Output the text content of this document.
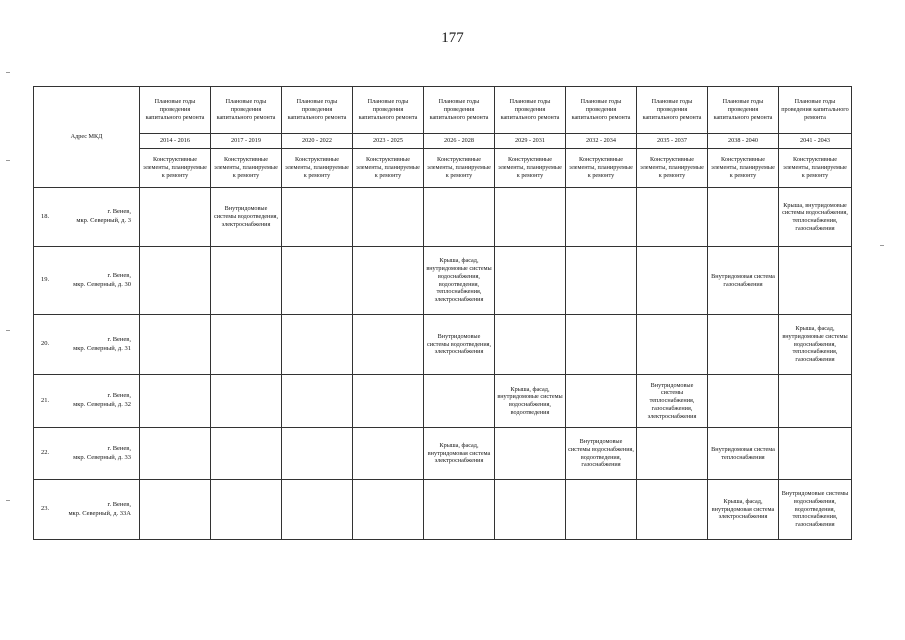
177
Адрес МКД	Плановые годы проведения капитального ремонта	Плановые годы проведения капитального ремонта	Плановые годы проведения капитального ремонта	Плановые годы проведения капитального ремонта	Плановые годы проведения капитального ремонта	Плановые годы проведения капитального ремонта	Плановые годы проведения капитального ремонта	Плановые годы проведения капитального ремонта	Плановые годы проведения капитального ремонта	Плановые годы проведения капитального ремонта
	2014 - 2016	2017 - 2019	2020 - 2022	2023 - 2025	2026 - 2028	2029 - 2031	2032 - 2034	2035 - 2037	2038 - 2040	2041 - 2043
	Конструктивные элементы, планируемые к ремонту	Конструктивные элементы, планируемые к ремонту	Конструктивные элементы, планируемые к ремонту	Конструктивные элементы, планируемые к ремонту	Конструктивные элементы, планируемые к ремонту	Конструктивные элементы, планируемые к ремонту	Конструктивные элементы, планируемые к ремонту	Конструктивные элементы, планируемые к ремонту	Конструктивные элементы, планируемые к ремонту	Конструктивные элементы, планируемые к ремонту

18.
г. Венев,
мкр. Северный, д. 3		Внутридомовые системы водоотведения, электроснабжения								Крыша, внутридомовые системы водоснабжения, теплоснабжения, газоснабжения

19.
г. Венев,
мкр. Северный, д. 30					Крыша, фасад, внутридомовые системы водоснабжения, водоотведения, теплоснабжения, электроснабжения				Внутридомовая система газоснабжения	

20.
г. Венев,
мкр. Северный, д. 31					Внутридомовые системы водоотведения, электроснабжения					Крыша, фасад, внутридомовые системы водоснабжения, теплоснабжения, газоснабжения

21.
г. Венев,
мкр. Северный, д. 32						Крыша, фасад, внутридомовые системы водоснабжения, водоотведения		Внутридомовые системы теплоснабжения, газоснабжения, электроснабжения		

22.
г. Венев,
мкр. Северный, д. 33					Крыша, фасад, внутридомовая система электроснабжения		Внутридомовые системы водоснабжения, водоотведения, газоснабжения		Внутридомовая система теплоснабжения	

23.
г. Венев,
мкр. Северный, д. 33А									Крыша, фасад, внутридомовая система электроснабжения	Внутридомовые системы водоснабжения, водоотведения, теплоснабжения, газоснабжения
